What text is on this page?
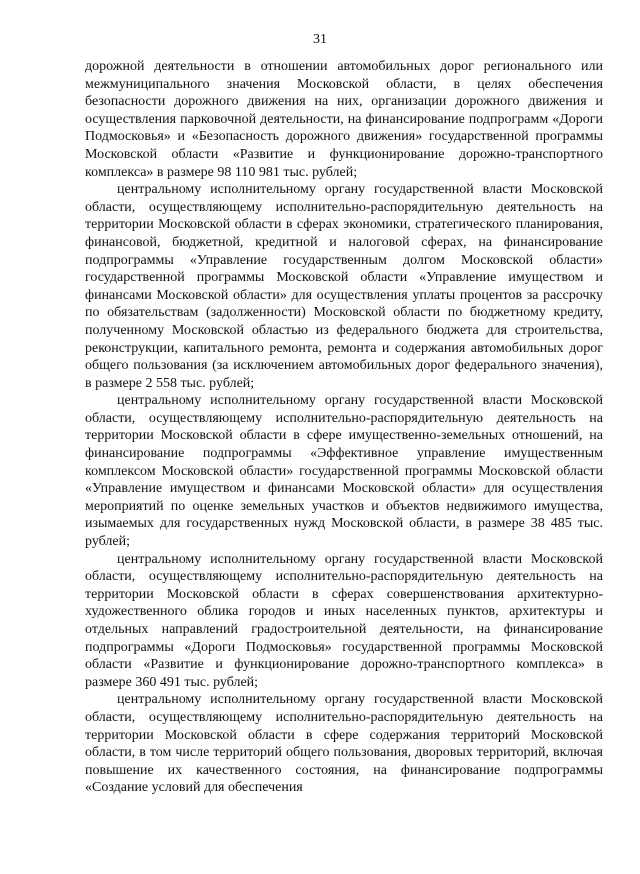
31

дорожной деятельности в отношении автомобильных дорог регионального или межмуниципального значения Московской области, в целях обеспечения безопасности дорожного движения на них, организации дорожного движения и осуществления парковочной деятельности, на финансирование подпрограмм «Дороги Подмосковья» и «Безопасность дорожного движения» государственной программы Московской области «Развитие и функционирование дорожно-транспортного комплекса» в размере 98 110 981 тыс. рублей;

центральному исполнительному органу государственной власти Московской области, осуществляющему исполнительно-распорядительную деятельность на территории Московской области в сферах экономики, стратегического планирования, финансовой, бюджетной, кредитной и налоговой сферах, на финансирование подпрограммы «Управление государственным долгом Московской области» государственной программы Московской области «Управление имуществом и финансами Московской области» для осуществления уплаты процентов за рассрочку по обязательствам (задолженности) Московской области по бюджетному кредиту, полученному Московской областью из федерального бюджета для строительства, реконструкции, капитального ремонта, ремонта и содержания автомобильных дорог общего пользования (за исключением автомобильных дорог федерального значения), в размере 2 558 тыс. рублей;

центральному исполнительному органу государственной власти Московской области, осуществляющему исполнительно-распорядительную деятельность на территории Московской области в сфере имущественно-земельных отношений, на финансирование подпрограммы «Эффективное управление имущественным комплексом Московской области» государственной программы Московской области «Управление имуществом и финансами Московской области» для осуществления мероприятий по оценке земельных участков и объектов недвижимого имущества, изымаемых для государственных нужд Московской области, в размере 38 485 тыс. рублей;

центральному исполнительному органу государственной власти Московской области, осуществляющему исполнительно-распорядительную деятельность на территории Московской области в сферах совершенствования архитектурно-художественного облика городов и иных населенных пунктов, архитектуры и отдельных направлений градостроительной деятельности, на финансирование подпрограммы «Дороги Подмосковья» государственной программы Московской области «Развитие и функционирование дорожно-транспортного комплекса» в размере 360 491 тыс. рублей;

центральному исполнительному органу государственной власти Московской области, осуществляющему исполнительно-распорядительную деятельность на территории Московской области в сфере содержания территорий Московской области, в том числе территорий общего пользования, дворовых территорий, включая повышение их качественного состояния, на финансирование подпрограммы «Создание условий для обеспечения
